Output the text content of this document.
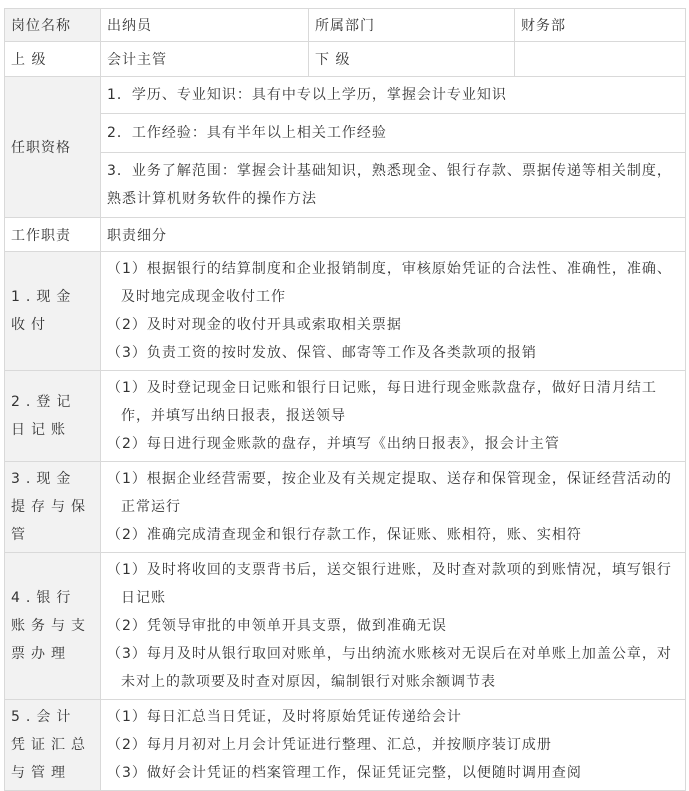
岗位名称	出纳员	所属部门	财务部
上 级	会计主管	下 级	
任职资格	1．学历、专业知识：具有中专以上学历，掌握会计专业知识		
	2．工作经验：具有半年以上相关工作经验		
	3．业务了解范围：掌握会计基础知识，熟悉现金、银行存款、票据传递等相关制度，熟悉计算机财务软件的操作方法		
工作职责	职责细分		
1.现金收付	（1）根据银行的结算制度和企业报销制度，审核原始凭证的合法性、准确性，准确、及时地完成现金收付工作
（2）及时对现金的收付开具或索取相关票据
（3）负责工资的按时发放、保管、邮寄等工作及各类款项的报销		

2.登记日记账	（1）及时登记现金日记账和银行日记账，每日进行现金账款盘存，做好日清月结工作，并填写出纳日报表，报送领导
（2）每日进行现金账款的盘存，并填写《出纳日报表》，报会计主管		

3.现金提存与保管	（1）根据企业经营需要，按企业及有关规定提取、送存和保管现金，保证经营活动的正常运行
（2）准确完成清查现金和银行存款工作，保证账、账相符，账、实相符		

4.银行账务与支票办理	（1）及时将收回的支票背书后，送交银行进账，及时查对款项的到账情况，填写银行日记账
（2）凭领导审批的申领单开具支票，做到准确无误
（3）每月及时从银行取回对账单，与出纳流水账核对无误后在对单账上加盖公章，对未对上的款项要及时查对原因，编制银行对账余额调节表		

5.会计凭证汇总与管理	（1）每日汇总当日凭证，及时将原始凭证传递给会计
（2）每月月初对上月会计凭证进行整理、汇总，并按顺序装订成册
（3）做好会计凭证的档案管理工作，保证凭证完整，以便随时调用查阅		
